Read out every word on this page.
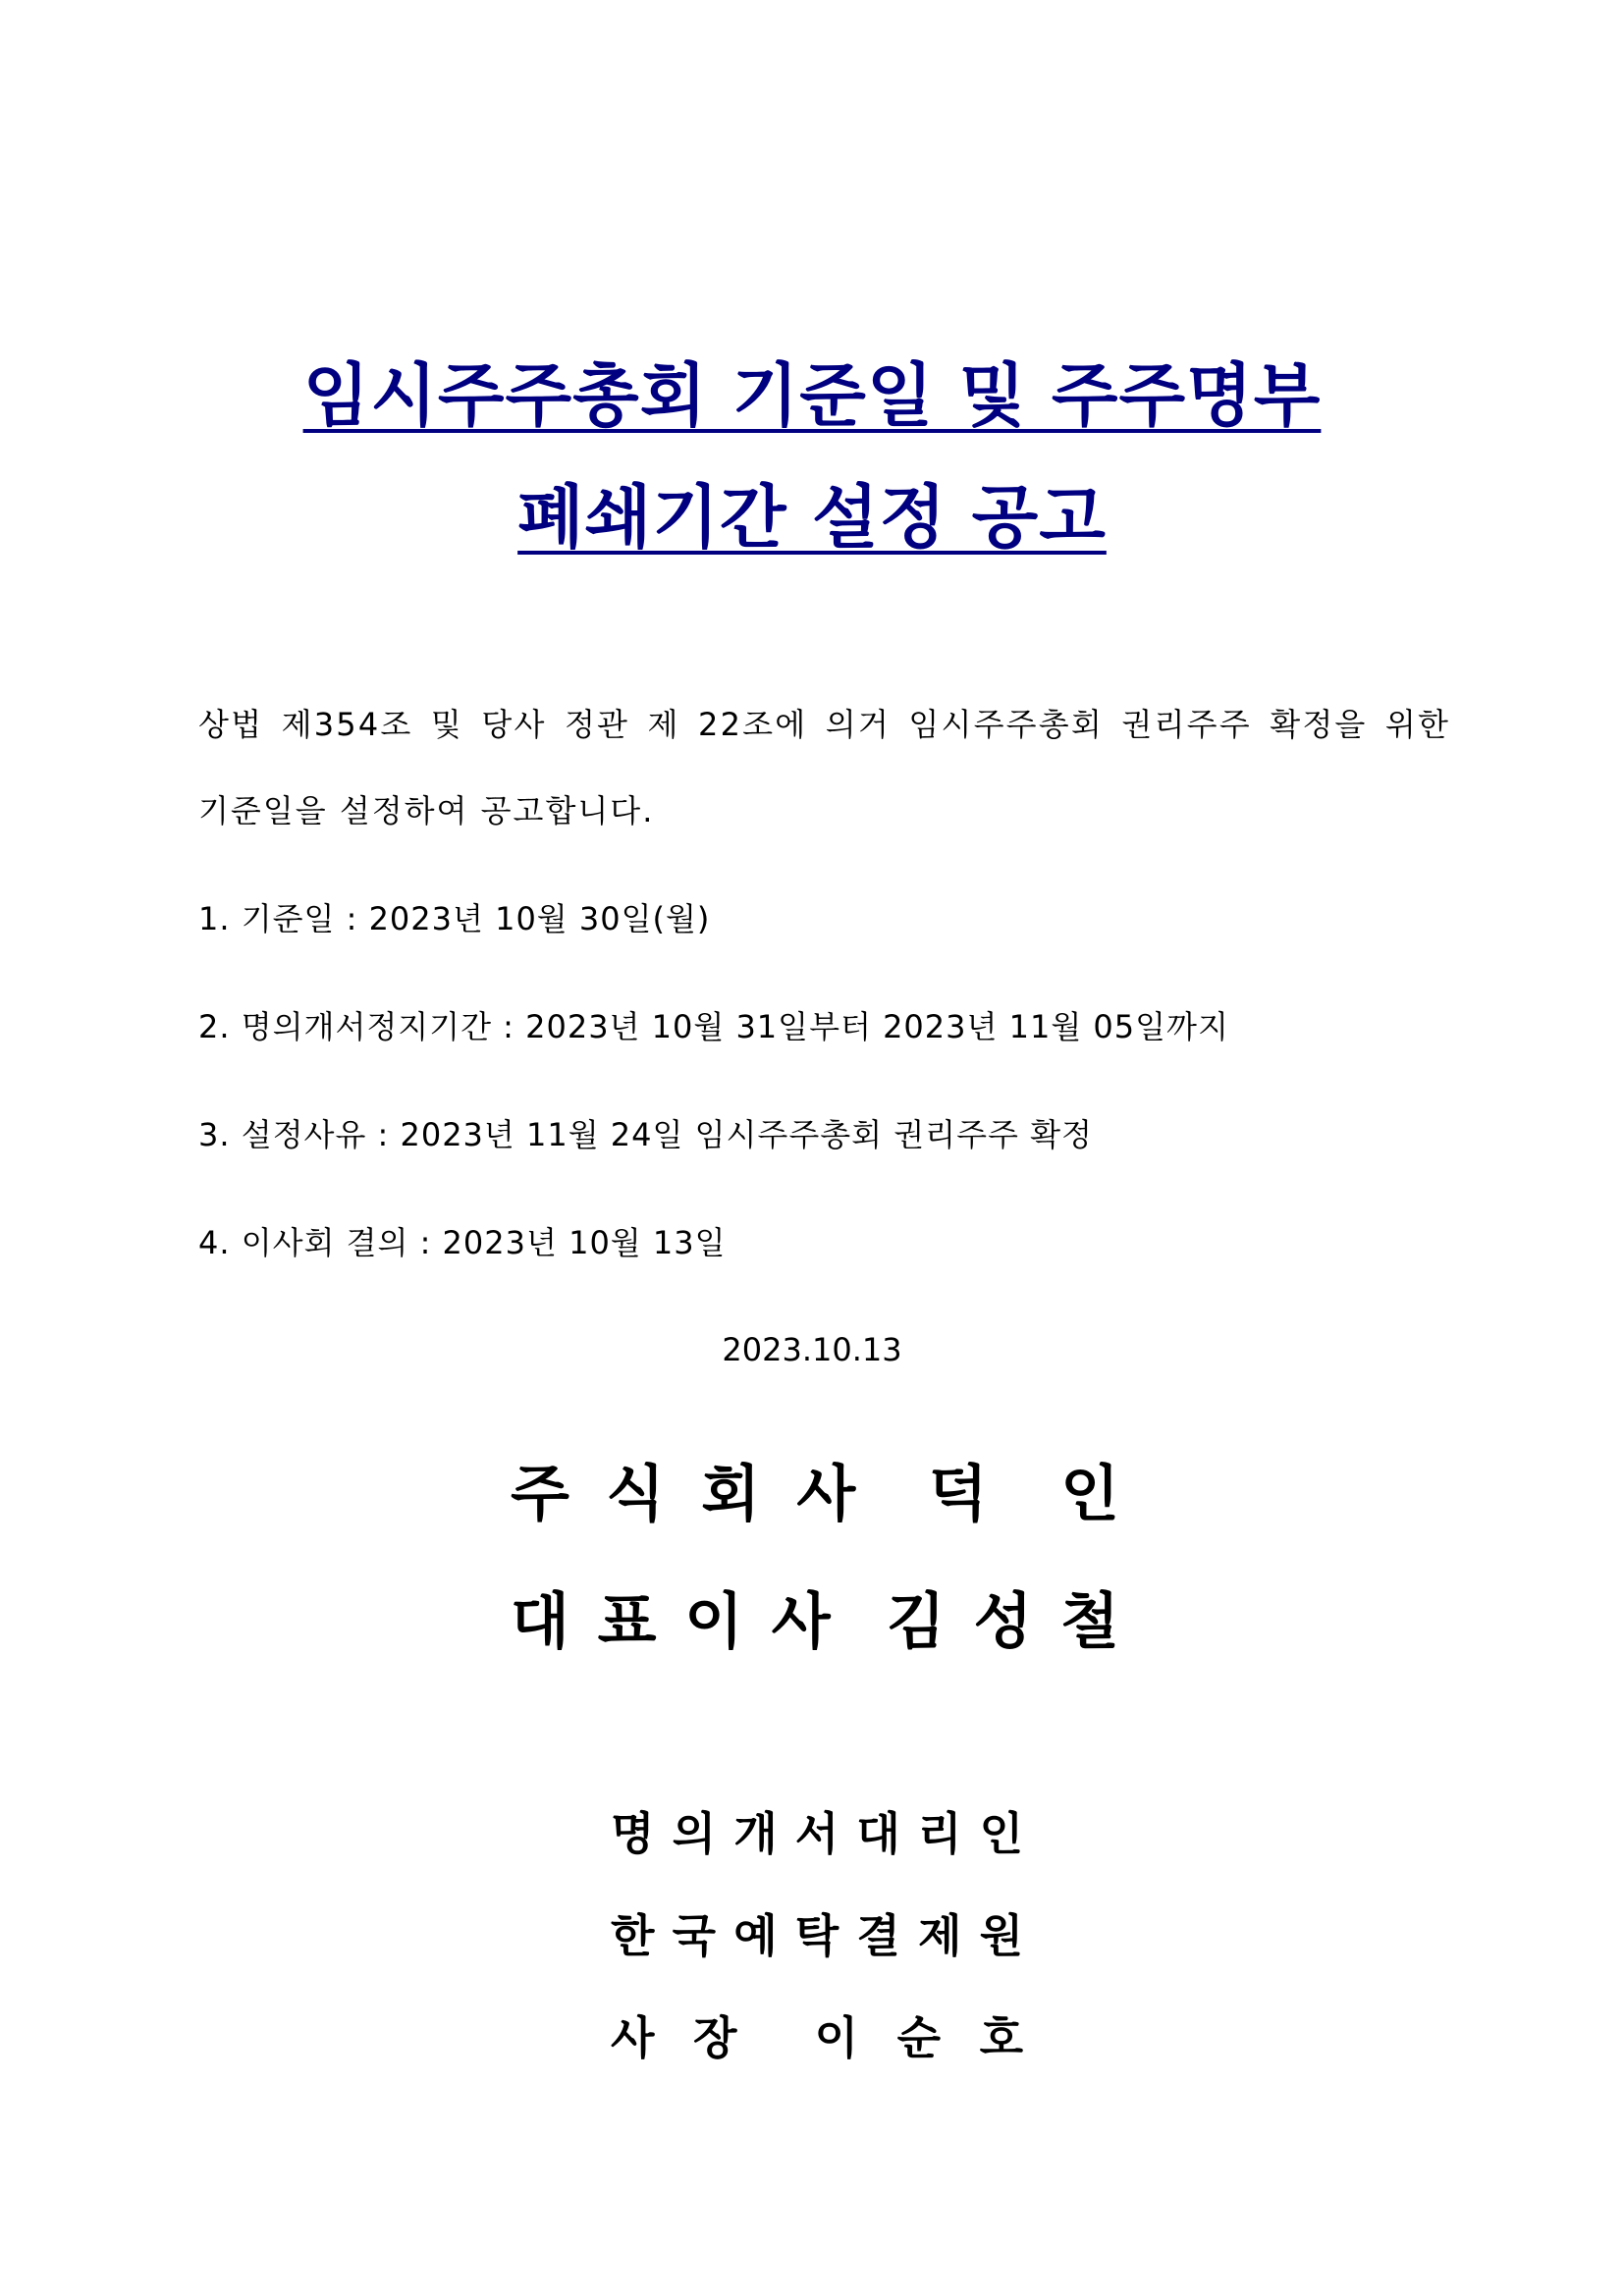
임시주주총회 기준일 및 주주명부
폐쇄기간 설정 공고
상법 제354조 및 당사 정관 제 22조에 의거 임시주주총회 권리주주 확정을 위한
기준일을 설정하여 공고합니다.
1. 기준일 : 2023년 10월 30일(월)
2. 명의개서정지기간 : 2023년 10월 31일부터 2023년 11월 05일까지
3. 설정사유 : 2023년 11월 24일 임시주주총회 권리주주 확정
4. 이사회 결의 : 2023년 10월 13일
2023.10.13
주 식 회 사 덕 인
대 표 이 사 김 성 철
명 의 개 서 대 리 인
한 국 예 탁 결 제 원
사 장 이 순 호
